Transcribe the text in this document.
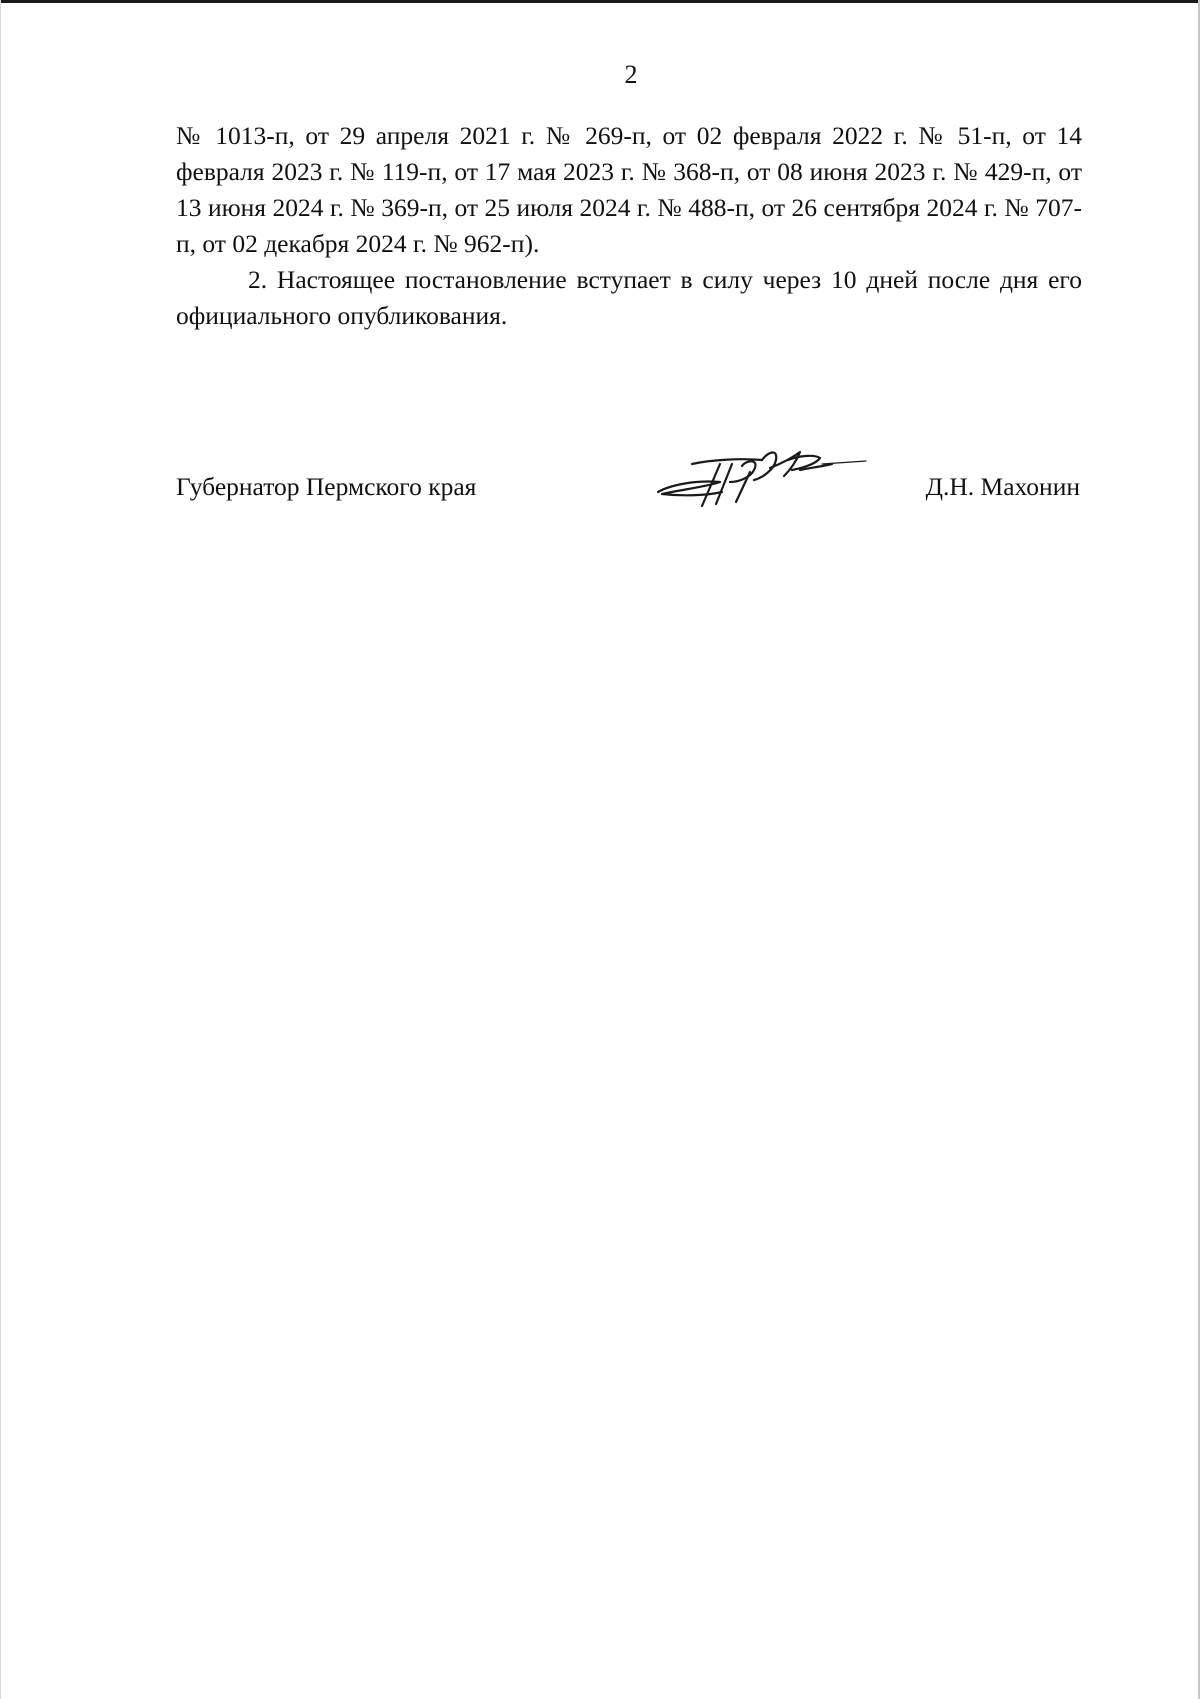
2

№ 1013-п, от 29 апреля 2021 г. № 269-п, от 02 февраля 2022 г. № 51-п, от 14 февраля 2023 г. № 119-п, от 17 мая 2023 г. № 368-п, от 08 июня 2023 г. № 429-п, от 13 июня 2024 г. № 369-п, от 25 июля 2024 г. № 488-п, от 26 сентября 2024 г. № 707-п, от 02 декабря 2024 г. № 962-п).

2. Настоящее постановление вступает в силу через 10 дней после дня его официального опубликования.

Губернатор Пермского края	Д.Н. Махонин
